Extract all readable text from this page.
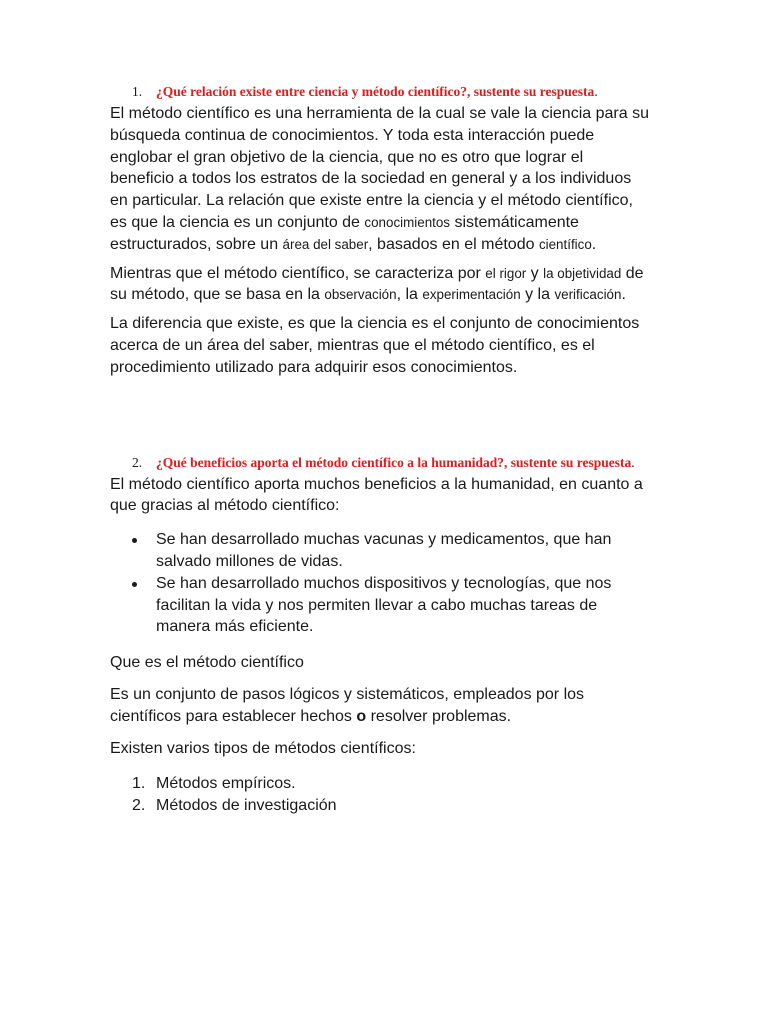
1. ¿Qué relación existe entre ciencia y método científico?, sustente su respuesta.

El método científico es una herramienta de la cual se vale la ciencia para su búsqueda continua de conocimientos. Y toda esta interacción puede englobar el gran objetivo de la ciencia, que no es otro que lograr el beneficio a todos los estratos de la sociedad en general y a los individuos en particular. La relación que existe entre la ciencia y el método científico, es que la ciencia es un conjunto de conocimientos sistemáticamente estructurados, sobre un área del saber, basados en el método científico.

Mientras que el método científico, se caracteriza por el rigor y la objetividad de su método, que se basa en la observación, la experimentación y la verificación.

La diferencia que existe, es que la ciencia es el conjunto de conocimientos acerca de un área del saber, mientras que el método científico, es el procedimiento utilizado para adquirir esos conocimientos.

2. ¿Qué beneficios aporta el método científico a la humanidad?, sustente su respuesta.

El método científico aporta muchos beneficios a la humanidad, en cuanto a que gracias al método científico:

Se han desarrollado muchas vacunas y medicamentos, que han salvado millones de vidas.
Se han desarrollado muchos dispositivos y tecnologías, que nos facilitan la vida y nos permiten llevar a cabo muchas tareas de manera más eficiente.

Que es el método científico

Es un conjunto de pasos lógicos y sistemáticos, empleados por los científicos para establecer hechos o resolver problemas.

Existen varios tipos de métodos científicos:

1. Métodos empíricos.
2. Métodos de investigación
